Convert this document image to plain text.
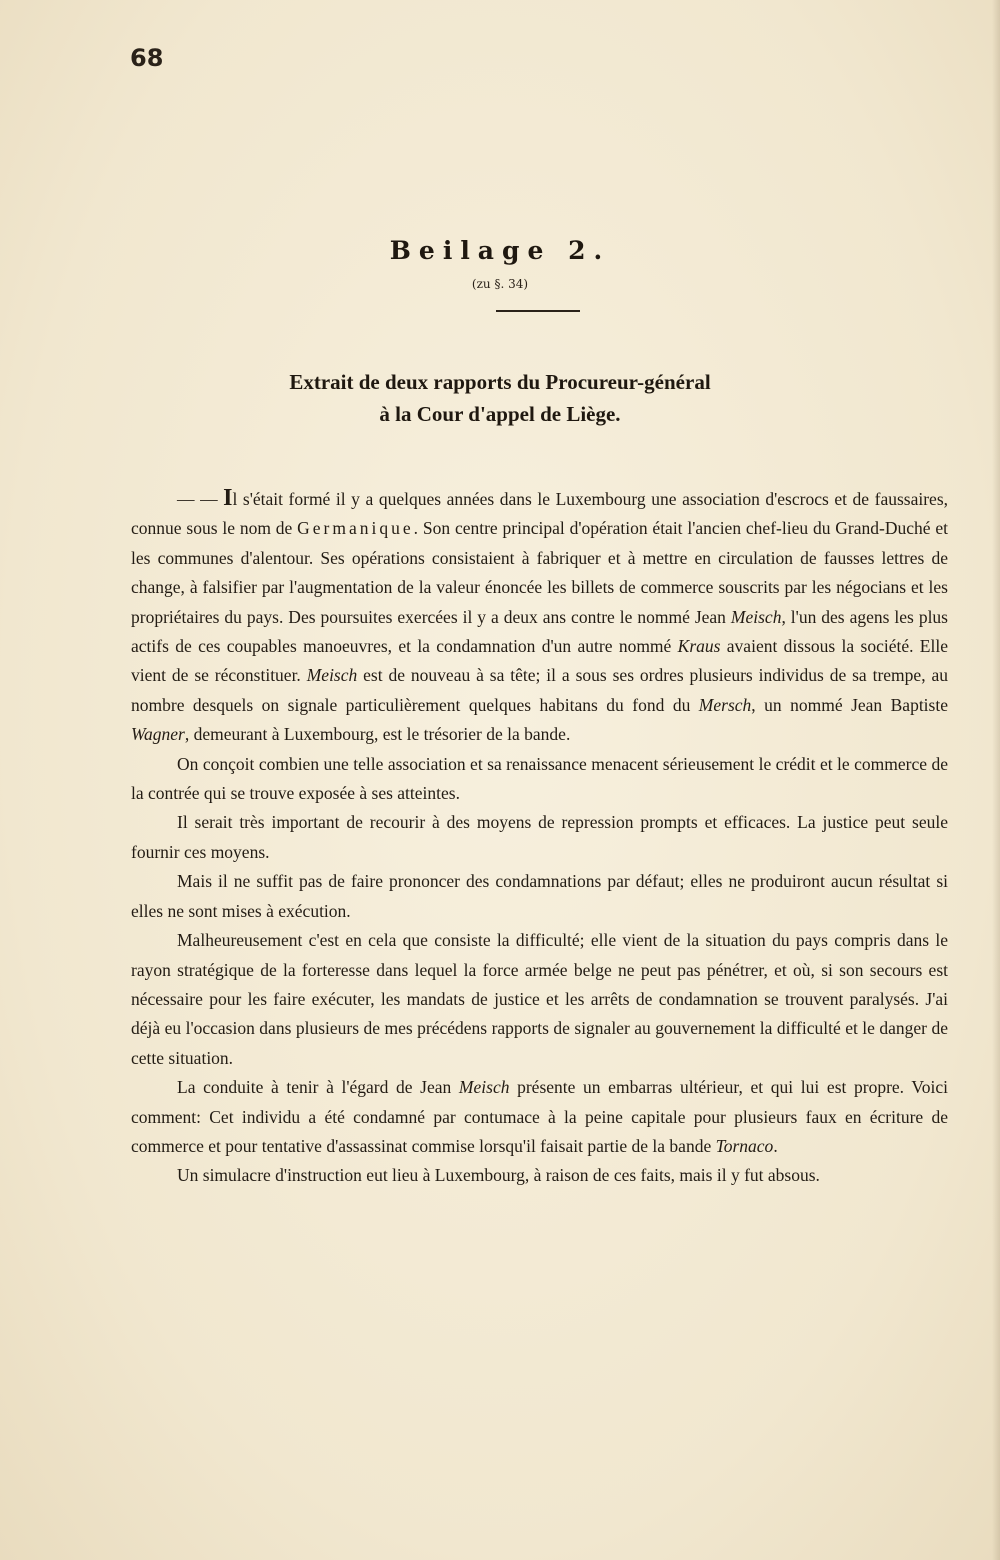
68
Beilage 2.
(zu §. 34)
Extrait de deux rapports du Procureur-général
à la Cour d'appel de Liège.

— — Il s'était formé il y a quelques années dans le Luxembourg une association d'escrocs et de faussaires, connue sous le nom de Germanique. Son centre principal d'opération était l'ancien chef-lieu du Grand-Duché et les communes d'alentour. Ses opérations consistaient à fabriquer et à mettre en circulation de fausses lettres de change, à falsifier par l'augmentation de la valeur énoncée les billets de commerce souscrits par les négocians et les propriétaires du pays. Des poursuites exercées il y a deux ans contre le nommé Jean Meisch, l'un des agens les plus actifs de ces coupables manoeuvres, et la condamnation d'un autre nommé Kraus avaient dissous la société. Elle vient de se réconstituer. Meisch est de nouveau à sa tête; il a sous ses ordres plusieurs individus de sa trempe, au nombre desquels on signale particulièrement quelques habitans du fond du Mersch, un nommé Jean Baptiste Wagner, demeurant à Luxembourg, est le trésorier de la bande.

On conçoit combien une telle association et sa renaissance menacent sérieusement le crédit et le commerce de la contrée qui se trouve exposée à ses atteintes.

Il serait très important de recourir à des moyens de repression prompts et efficaces. La justice peut seule fournir ces moyens.

Mais il ne suffit pas de faire prononcer des condamnations par défaut; elles ne produiront aucun résultat si elles ne sont mises à exécution.

Malheureusement c'est en cela que consiste la difficulté; elle vient de la situation du pays compris dans le rayon stratégique de la forteresse dans lequel la force armée belge ne peut pas pénétrer, et où, si son secours est nécessaire pour les faire exécuter, les mandats de justice et les arrêts de condamnation se trouvent paralysés. J'ai déjà eu l'occasion dans plusieurs de mes précédens rapports de signaler au gouvernement la difficulté et le danger de cette situation.

La conduite à tenir à l'égard de Jean Meisch présente un embarras ultérieur, et qui lui est propre. Voici comment: Cet individu a été condamné par contumace à la peine capitale pour plusieurs faux en écriture de commerce et pour tentative d'assassinat commise lorsqu'il faisait partie de la bande Tornaco.

Un simulacre d'instruction eut lieu à Luxembourg, à raison de ces faits, mais il y fut absous.
